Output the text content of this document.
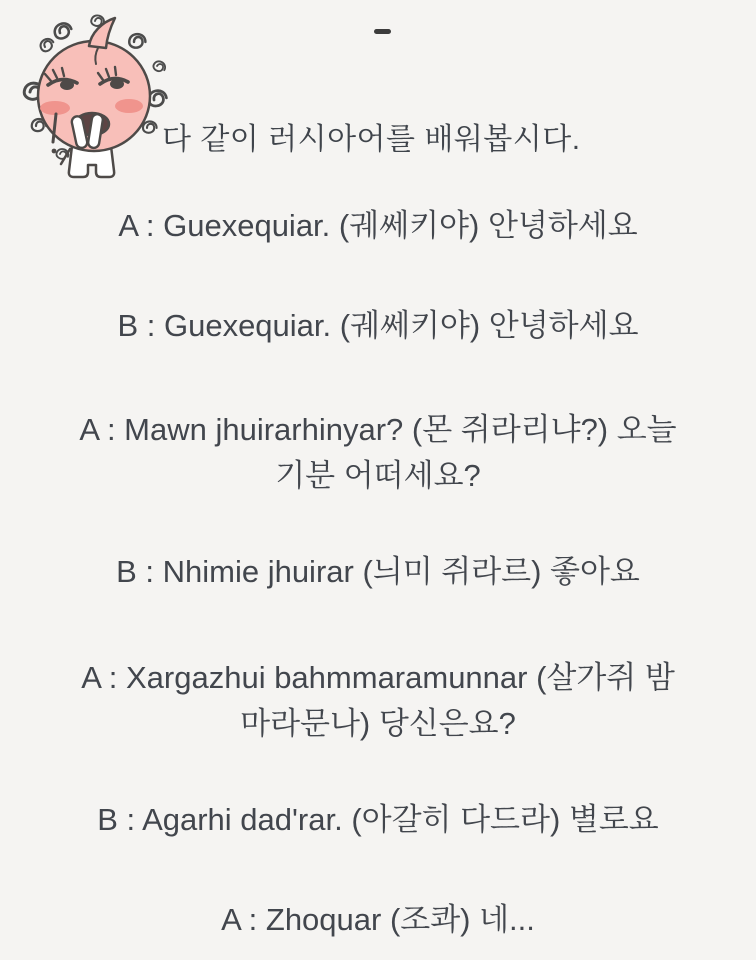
다 같이 러시아어를 배워봅시다.
A : Guexequiar. (궤쎄키야) 안녕하세요
B : Guexequiar. (궤쎄키야) 안녕하세요
A : Mawn jhuirarhinyar? (몬 쥐라리냐?) 오늘
기분 어떠세요?
B : Nhimie jhuirar (늬미 쥐라르) 좋아요
A : Xargazhui bahmmaramunnar (살가쥐 밤
마라문나) 당신은요?
B : Agarhi dad'rar. (아갈히 다드라) 별로요
A : Zhoquar (조콰) 네...
